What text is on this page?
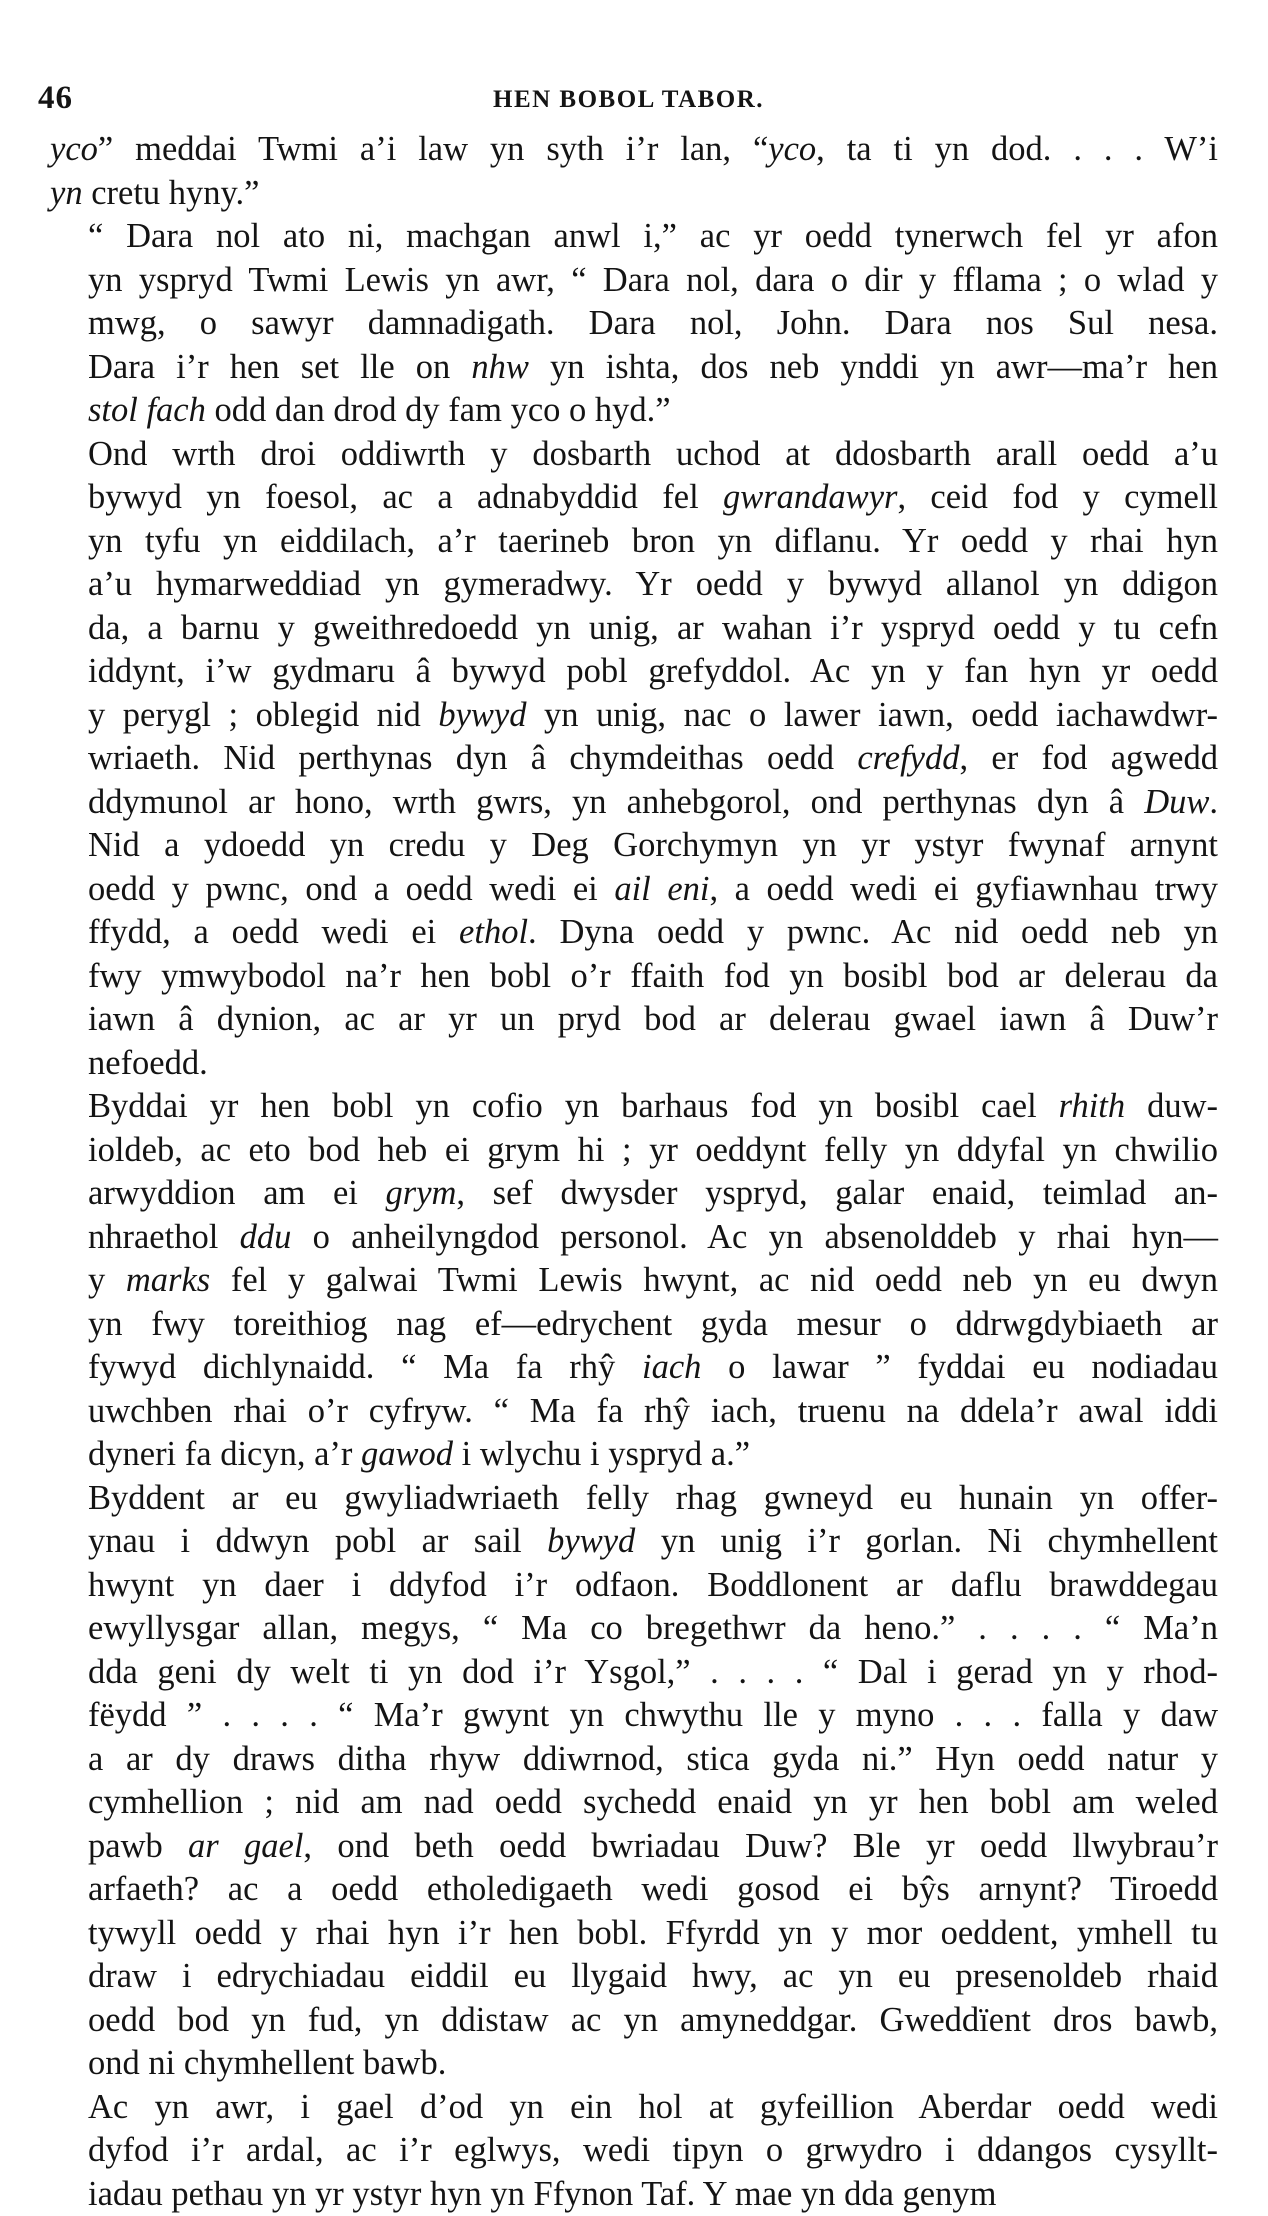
46	HEN BOBOL TABOR.
yco” meddai Twmi a’i law yn syth i’r lan, “yco, ta ti yn dod. . . . W’i
yn cretu hyny.”
“ Dara nol ato ni, machgan anwl i,” ac yr oedd tynerwch fel yr afon
yn yspryd Twmi Lewis yn awr, “ Dara nol, dara o dir y fflama ; o wlad y
mwg, o sawyr damnadigath. Dara nol, John. Dara nos Sul nesa.
Dara i’r hen set lle on nhw yn ishta, dos neb ynddi yn awr—ma’r hen
stol fach odd dan drod dy fam yco o hyd.”
Ond wrth droi oddiwrth y dosbarth uchod at ddosbarth arall oedd a’u
bywyd yn foesol, ac a adnabyddid fel gwrandawyr, ceid fod y cymell
yn tyfu yn eiddilach, a’r taerineb bron yn diflanu. Yr oedd y rhai hyn
a’u hymarweddiad yn gymeradwy. Yr oedd y bywyd allanol yn ddigon
da, a barnu y gweithredoedd yn unig, ar wahan i’r yspryd oedd y tu cefn
iddynt, i’w gydmaru â bywyd pobl grefyddol. Ac yn y fan hyn yr oedd
y perygl ; oblegid nid bywyd yn unig, nac o lawer iawn, oedd iachawdwr-
wriaeth. Nid perthynas dyn â chymdeithas oedd crefydd, er fod agwedd
ddymunol ar hono, wrth gwrs, yn anhebgorol, ond perthynas dyn â Duw.
Nid a ydoedd yn credu y Deg Gorchymyn yn yr ystyr fwynaf arnynt
oedd y pwnc, ond a oedd wedi ei ail eni, a oedd wedi ei gyfiawnhau trwy
ffydd, a oedd wedi ei ethol. Dyna oedd y pwnc. Ac nid oedd neb yn
fwy ymwybodol na’r hen bobl o’r ffaith fod yn bosibl bod ar delerau da
iawn â dynion, ac ar yr un pryd bod ar delerau gwael iawn â Duw’r
nefoedd.
Byddai yr hen bobl yn cofio yn barhaus fod yn bosibl cael rhith duw-
ioldeb, ac eto bod heb ei grym hi ; yr oeddynt felly yn ddyfal yn chwilio
arwyddion am ei grym, sef dwysder yspryd, galar enaid, teimlad an-
nhraethol ddu o anheilyngdod personol. Ac yn absenolddeb y rhai hyn—
y marks fel y galwai Twmi Lewis hwynt, ac nid oedd neb yn eu dwyn
yn fwy toreithiog nag ef—edrychent gyda mesur o ddrwgdybiaeth ar
fywyd dichlynaidd. “ Ma fa rhŷ iach o lawar ” fyddai eu nodiadau
uwchben rhai o’r cyfryw. “ Ma fa rhŷ iach, truenu na ddela’r awal iddi
dyneri fa dicyn, a’r gawod i wlychu i yspryd a.”
Byddent ar eu gwyliadwriaeth felly rhag gwneyd eu hunain yn offer-
ynau i ddwyn pobl ar sail bywyd yn unig i’r gorlan. Ni chymhellent
hwynt yn daer i ddyfod i’r odfaon. Boddlonent ar daflu brawddegau
ewyllysgar allan, megys, “ Ma co bregethwr da heno.” . . . . “ Ma’n
dda geni dy welt ti yn dod i’r Ysgol,” . . . . “ Dal i gerad yn y rhod-
fëydd ” . . . . “ Ma’r gwynt yn chwythu lle y myno . . . falla y daw
a ar dy draws ditha rhyw ddiwrnod, stica gyda ni.” Hyn oedd natur y
cymhellion ; nid am nad oedd sychedd enaid yn yr hen bobl am weled
pawb ar gael, ond beth oedd bwriadau Duw? Ble yr oedd llwybrau’r
arfaeth? ac a oedd etholedigaeth wedi gosod ei bŷs arnynt? Tiroedd
tywyll oedd y rhai hyn i’r hen bobl. Ffyrdd yn y mor oeddent, ymhell tu
draw i edrychiadau eiddil eu llygaid hwy, ac yn eu presenoldeb rhaid
oedd bod yn fud, yn ddistaw ac yn amyneddgar. Gweddïent dros bawb,
ond ni chymhellent bawb.
Ac yn awr, i gael d’od yn ein hol at gyfeillion Aberdar oedd wedi
dyfod i’r ardal, ac i’r eglwys, wedi tipyn o grwydro i ddangos cysyllt-
iadau pethau yn yr ystyr hyn yn Ffynon Taf. Y mae yn dda genym
